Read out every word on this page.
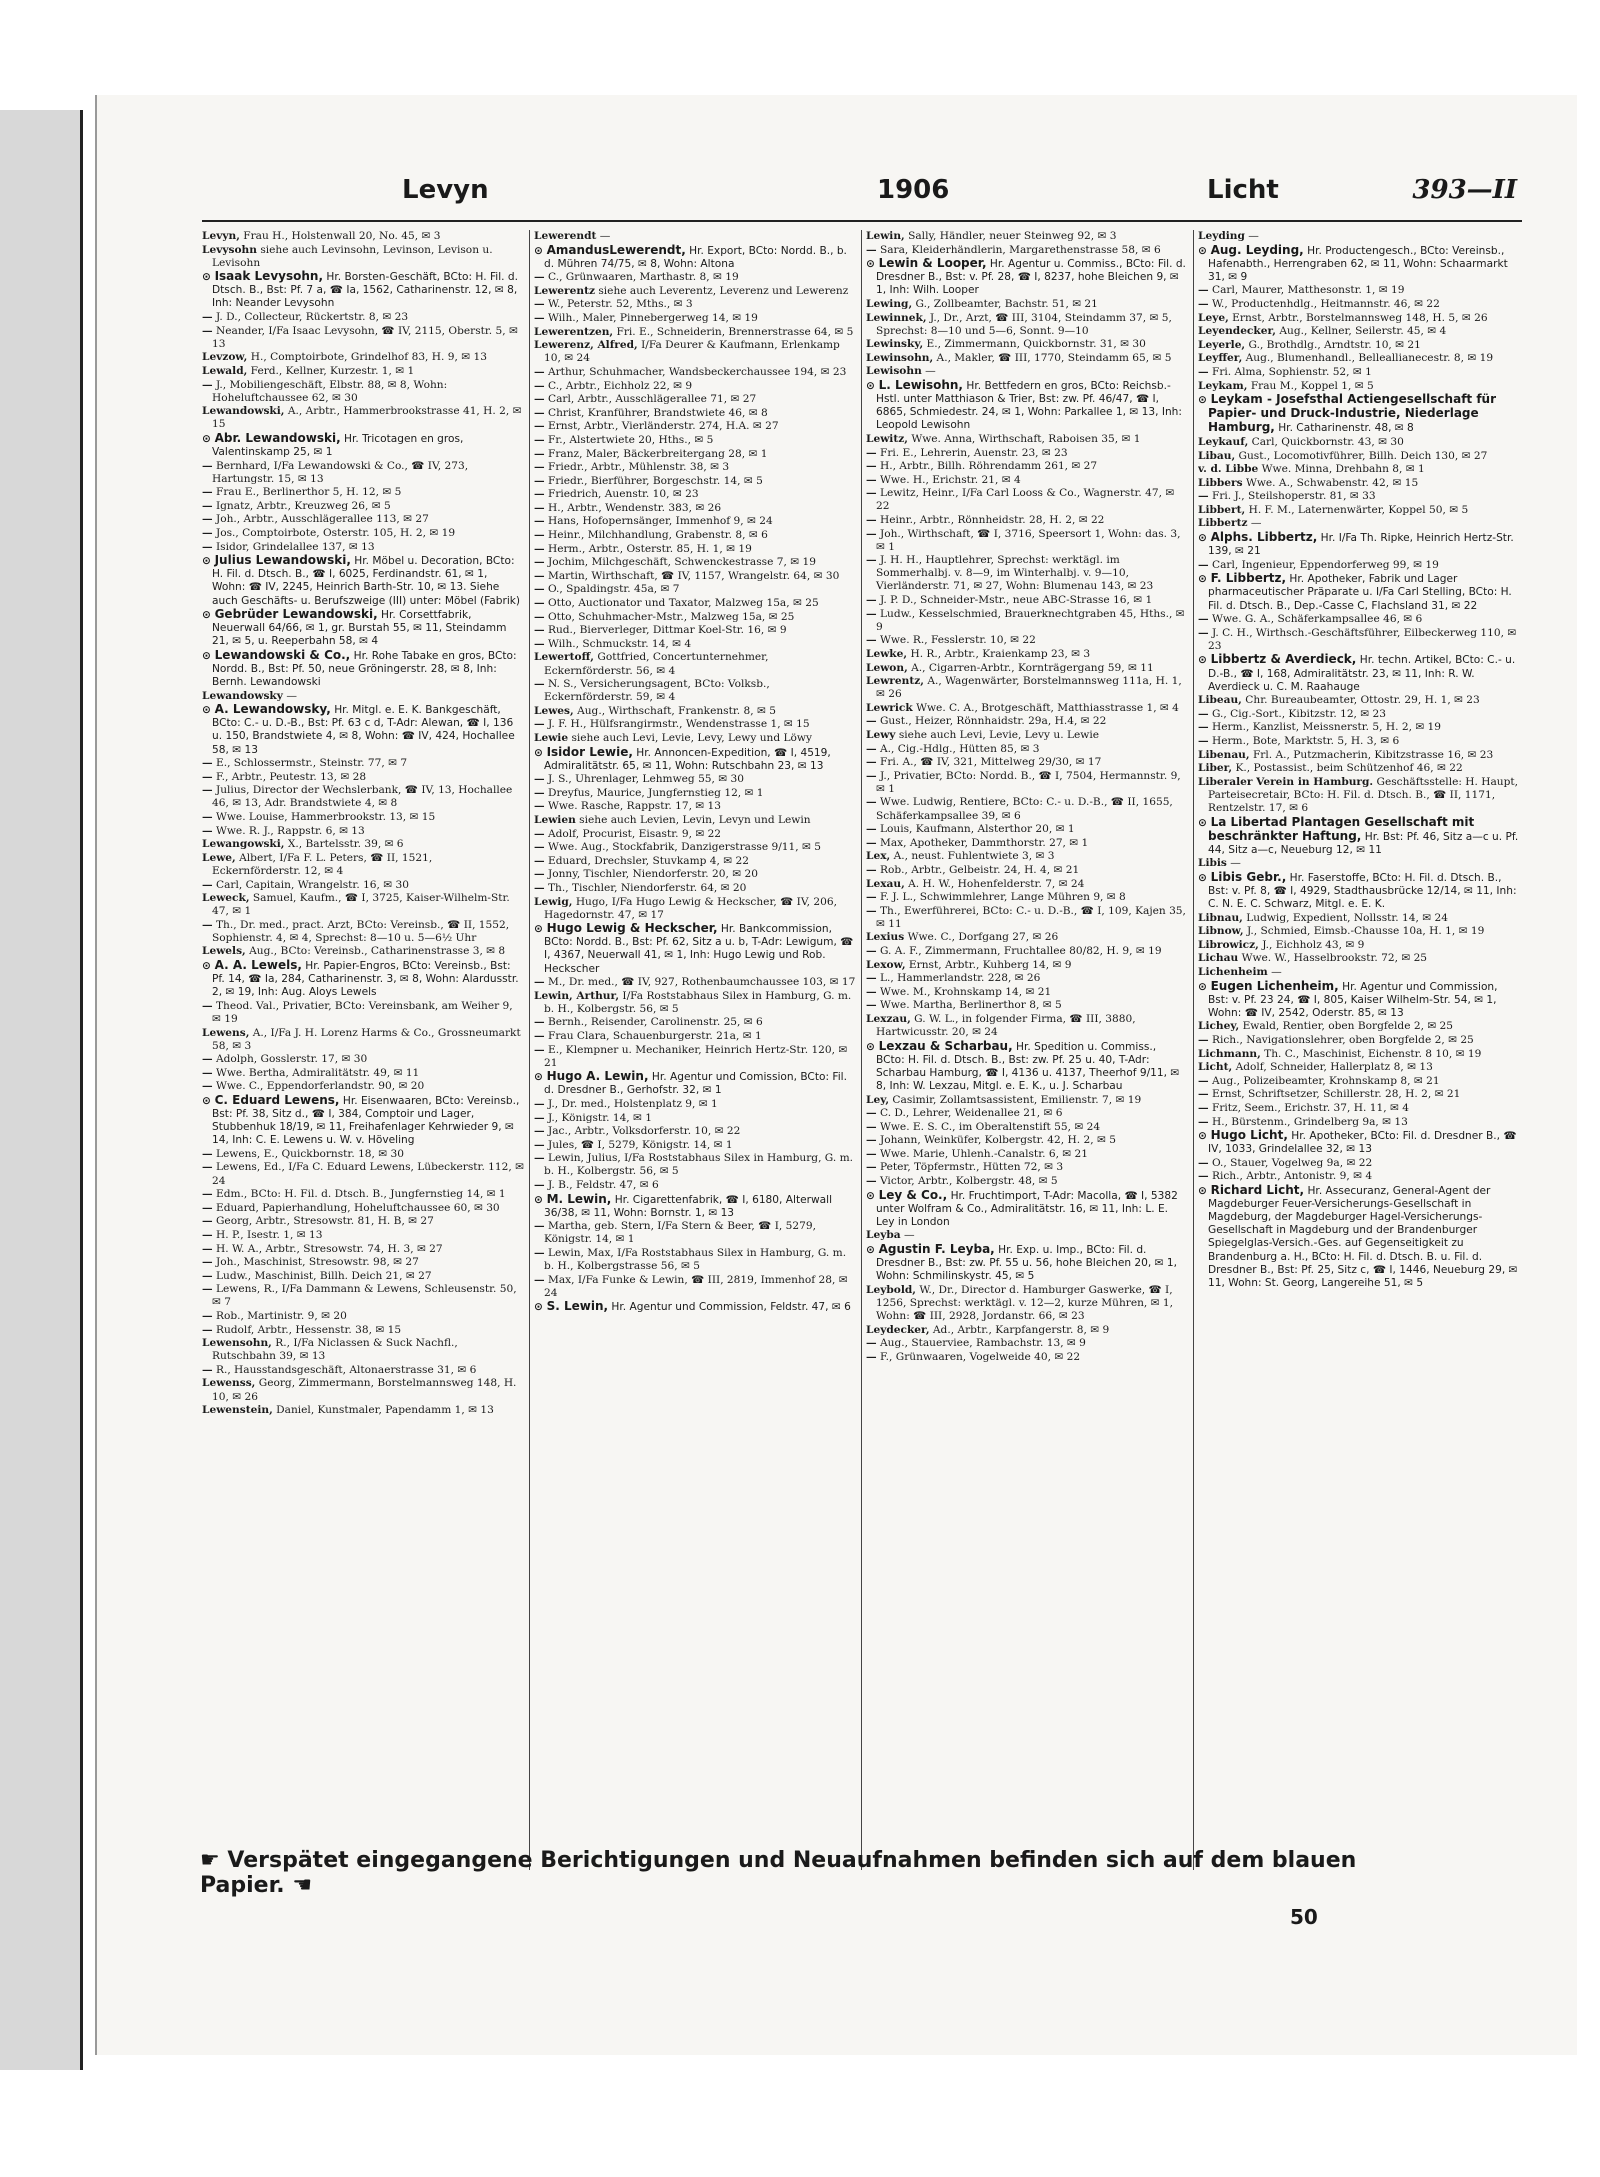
Levyn	1906	Licht	393—II
Levyn, Frau H., Holstenwall 20, No. 45, ✉ 3
Levysohn siehe auch Levinsohn, Levinson, Levison u. Levisohn
⊙ Isaak Levysohn, Hr. Borsten-Geschäft, BCto: H. Fil. d. Dtsch. B., Bst: Pf. 7 a, ☎ Ia, 1562, Catharinenstr. 12, ✉ 8, Inh: Neander Levysohn
— J. D., Collecteur, Rückertstr. 8, ✉ 23
— Neander, I/Fa Isaac Levysohn, ☎ IV, 2115, Oberstr. 5, ✉ 13
Levzow, H., Comptoirbote, Grindelhof 83, H. 9, ✉ 13
Lewald, Ferd., Kellner, Kurzestr. 1, ✉ 1
— J., Mobiliengeschäft, Elbstr. 88, ✉ 8, Wohn: Hoheluftchaussee 62, ✉ 30
Lewandowski, A., Arbtr., Hammerbrookstrasse 41, H. 2, ✉ 15
⊙ Abr. Lewandowski, Hr. Tricotagen en gros, Valentinskamp 25, ✉ 1
— Bernhard, I/Fa Lewandowski & Co., ☎ IV, 273, Hartungstr. 15, ✉ 13
— Frau E., Berlinerthor 5, H. 12, ✉ 5
— Ignatz, Arbtr., Kreuzweg 26, ✉ 5
— Joh., Arbtr., Ausschlägerallee 113, ✉ 27
— Jos., Comptoirbote, Osterstr. 105, H. 2, ✉ 19
— Isidor, Grindelallee 137, ✉ 13
⊙ Julius Lewandowski, Hr. Möbel u. Decoration, BCto: H. Fil. d. Dtsch. B., ☎ I, 6025, Ferdinandstr. 61, ✉ 1, Wohn: ☎ IV, 2245, Heinrich Barth-Str. 10, ✉ 13. Siehe auch Geschäfts- u. Berufszweige (III) unter: Möbel (Fabrik)
⊙ Gebrüder Lewandowski, Hr. Corsettfabrik, Neuerwall 64/66, ✉ 1, gr. Burstah 55, ✉ 11, Steindamm 21, ✉ 5, u. Reeperbahn 58, ✉ 4
⊙ Lewandowski & Co., Hr. Rohe Tabake en gros, BCto: Nordd. B., Bst: Pf. 50, neue Gröningerstr. 28, ✉ 8, Inh: Bernh. Lewandowski
Lewandowsky —
⊙ A. Lewandowsky, Hr. Mitgl. e. E. K. Bankgeschäft, BCto: C.- u. D.-B., Bst: Pf. 63 c d, T-Adr: Alewan, ☎ I, 136 u. 150, Brandstwiete 4, ✉ 8, Wohn: ☎ IV, 424, Hochallee 58, ✉ 13
— E., Schlossermstr., Steinstr. 77, ✉ 7
— F., Arbtr., Peutestr. 13, ✉ 28
— Julius, Director der Wechslerbank, ☎ IV, 13, Hochallee 46, ✉ 13, Adr. Brandstwiete 4, ✉ 8
— Wwe. Louise, Hammerbrookstr. 13, ✉ 15
— Wwe. R. J., Rappstr. 6, ✉ 13
Lewangowski, X., Bartelsstr. 39, ✉ 6
Lewe, Albert, I/Fa F. L. Peters, ☎ II, 1521, Eckernförderstr. 12, ✉ 4
— Carl, Capitain, Wrangelstr. 16, ✉ 30
Leweck, Samuel, Kaufm., ☎ I, 3725, Kaiser-Wilhelm-Str. 47, ✉ 1
— Th., Dr. med., pract. Arzt, BCto: Vereinsb., ☎ II, 1552, Sophienstr. 4, ✉ 4, Sprechst: 8—10 u. 5—6½ Uhr
Lewels, Aug., BCto: Vereinsb., Catharinenstrasse 3, ✉ 8
⊙ A. A. Lewels, Hr. Papier-Engros, BCto: Vereinsb., Bst: Pf. 14, ☎ Ia, 284, Catharinenstr. 3, ✉ 8, Wohn: Alardusstr. 2, ✉ 19, Inh: Aug. Aloys Lewels
— Theod. Val., Privatier, BCto: Vereinsbank, am Weiher 9, ✉ 19
Lewens, A., I/Fa J. H. Lorenz Harms & Co., Grossneumarkt 58, ✉ 3
— Adolph, Gosslerstr. 17, ✉ 30
— Wwe. Bertha, Admiralitätstr. 49, ✉ 11
— Wwe. C., Eppendorferlandstr. 90, ✉ 20
⊙ C. Eduard Lewens, Hr. Eisenwaaren, BCto: Vereinsb., Bst: Pf. 38, Sitz d., ☎ I, 384, Comptoir und Lager, Stubbenhuk 18/19, ✉ 11, Freihafenlager Kehrwieder 9, ✉ 14, Inh: C. E. Lewens u. W. v. Höveling
— Lewens, E., Quickbornstr. 18, ✉ 30
— Lewens, Ed., I/Fa C. Eduard Lewens, Lübeckerstr. 112, ✉ 24
— Edm., BCto: H. Fil. d. Dtsch. B., Jungfernstieg 14, ✉ 1
— Eduard, Papierhandlung, Hoheluftchaussee 60, ✉ 30
— Georg, Arbtr., Stresowstr. 81, H. B, ✉ 27
— H. P., Isestr. 1, ✉ 13
— H. W. A., Arbtr., Stresowstr. 74, H. 3, ✉ 27
— Joh., Maschinist, Stresowstr. 98, ✉ 27
— Ludw., Maschinist, Billh. Deich 21, ✉ 27
— Lewens, R., I/Fa Dammann & Lewens, Schleusenstr. 50, ✉ 7
— Rob., Martinistr. 9, ✉ 20
— Rudolf, Arbtr., Hessenstr. 38, ✉ 15
Lewensohn, R., I/Fa Niclassen & Suck Nachfl., Rutschbahn 39, ✉ 13
— R., Hausstandsgeschäft, Altonaerstrasse 31, ✉ 6
Lewenss, Georg, Zimmermann, Borstelmannsweg 148, H. 10, ✉ 26
Lewenstein, Daniel, Kunstmaler, Papendamm 1, ✉ 13
Lewerendt —
⊙ AmandusLewerendt, Hr. Export, BCto: Nordd. B., b. d. Mühren 74/75, ✉ 8, Wohn: Altona
— C., Grünwaaren, Marthastr. 8, ✉ 19
Lewerentz siehe auch Leverentz, Leverenz und Lewerenz
— W., Peterstr. 52, Mths., ✉ 3
— Wilh., Maler, Pinnebergerweg 14, ✉ 19
Lewerentzen, Fri. E., Schneiderin, Brennerstrasse 64, ✉ 5
Lewerenz, Alfred, I/Fa Deurer & Kaufmann, Erlenkamp 10, ✉ 24
— Arthur, Schuhmacher, Wandsbeckerchaussee 194, ✉ 23
— C., Arbtr., Eichholz 22, ✉ 9
— Carl, Arbtr., Ausschlägerallee 71, ✉ 27
— Christ, Kranführer, Brandstwiete 46, ✉ 8
— Ernst, Arbtr., Vierländerstr. 274, H.A. ✉ 27
— Fr., Alstertwiete 20, Hths., ✉ 5
— Franz, Maler, Bäckerbreitergang 28, ✉ 1
— Friedr., Arbtr., Mühlenstr. 38, ✉ 3
— Friedr., Bierführer, Borgeschstr. 14, ✉ 5
— Friedrich, Auenstr. 10, ✉ 23
— H., Arbtr., Wendenstr. 383, ✉ 26
— Hans, Hofopernsänger, Immenhof 9, ✉ 24
— Heinr., Milchhandlung, Grabenstr. 8, ✉ 6
— Herm., Arbtr., Osterstr. 85, H. 1, ✉ 19
— Jochim, Milchgeschäft, Schwenckestrasse 7, ✉ 19
— Martin, Wirthschaft, ☎ IV, 1157, Wrangelstr. 64, ✉ 30
— O., Spaldingstr. 45a, ✉ 7
— Otto, Auctionator und Taxator, Malzweg 15a, ✉ 25
— Otto, Schuhmacher-Mstr., Malzweg 15a, ✉ 25
— Rud., Bierverleger, Dittmar Koel-Str. 16, ✉ 9
— Wilh., Schmuckstr. 14, ✉ 4
Lewertoff, Gottfried, Concertunternehmer, Eckernförderstr. 56, ✉ 4
— N. S., Versicherungsagent, BCto: Volksb., Eckernförderstr. 59, ✉ 4
Lewes, Aug., Wirthschaft, Frankenstr. 8, ✉ 5
— J. F. H., Hülfsrangirmstr., Wendenstrasse 1, ✉ 15
Lewie siehe auch Levi, Levie, Levy, Lewy und Löwy
⊙ Isidor Lewie, Hr. Annoncen-Expedition, ☎ I, 4519, Admiralitätstr. 65, ✉ 11, Wohn: Rutschbahn 23, ✉ 13
— J. S., Uhrenlager, Lehmweg 55, ✉ 30
— Dreyfus, Maurice, Jungfernstieg 12, ✉ 1
— Wwe. Rasche, Rappstr. 17, ✉ 13
Lewien siehe auch Levien, Levin, Levyn und Lewin
— Adolf, Procurist, Eisastr. 9, ✉ 22
— Wwe. Aug., Stockfabrik, Danzigerstrasse 9/11, ✉ 5
— Eduard, Drechsler, Stuvkamp 4, ✉ 22
— Jonny, Tischler, Niendorferstr. 20, ✉ 20
— Th., Tischler, Niendorferstr. 64, ✉ 20
Lewig, Hugo, I/Fa Hugo Lewig & Heckscher, ☎ IV, 206, Hagedornstr. 47, ✉ 17
⊙ Hugo Lewig & Heckscher, Hr. Bankcommission, BCto: Nordd. B., Bst: Pf. 62, Sitz a u. b, T-Adr: Lewigum, ☎ I, 4367, Neuerwall 41, ✉ 1, Inh: Hugo Lewig und Rob. Heckscher
— M., Dr. med., ☎ IV, 927, Rothenbaumchaussee 103, ✉ 17
Lewin, Arthur, I/Fa Roststabhaus Silex in Hamburg, G. m. b. H., Kolbergstr. 56, ✉ 5
— Bernh., Reisender, Carolinenstr. 25, ✉ 6
— Frau Clara, Schauenburgerstr. 21a, ✉ 1
— E., Klempner u. Mechaniker, Heinrich Hertz-Str. 120, ✉ 21
⊙ Hugo A. Lewin, Hr. Agentur und Comission, BCto: Fil. d. Dresdner B., Gerhofstr. 32, ✉ 1
— J., Dr. med., Holstenplatz 9, ✉ 1
— J., Königstr. 14, ✉ 1
— Jac., Arbtr., Volksdorferstr. 10, ✉ 22
— Jules, ☎ I, 5279, Königstr. 14, ✉ 1
— Lewin, Julius, I/Fa Roststabhaus Silex in Hamburg, G. m. b. H., Kolbergstr. 56, ✉ 5
— J. B., Feldstr. 47, ✉ 6
⊙ M. Lewin, Hr. Cigarettenfabrik, ☎ I, 6180, Alterwall 36/38, ✉ 11, Wohn: Bornstr. 1, ✉ 13
— Martha, geb. Stern, I/Fa Stern & Beer, ☎ I, 5279, Königstr. 14, ✉ 1
— Lewin, Max, I/Fa Roststabhaus Silex in Hamburg, G. m. b. H., Kolbergstrasse 56, ✉ 5
— Max, I/Fa Funke & Lewin, ☎ III, 2819, Immenhof 28, ✉ 24
⊙ S. Lewin, Hr. Agentur und Commission, Feldstr. 47, ✉ 6
Lewin, Sally, Händler, neuer Steinweg 92, ✉ 3
— Sara, Kleiderhändlerin, Margarethenstrasse 58, ✉ 6
⊙ Lewin & Looper, Hr. Agentur u. Commiss., BCto: Fil. d. Dresdner B., Bst: v. Pf. 28, ☎ I, 8237, hohe Bleichen 9, ✉ 1, Inh: Wilh. Looper
Lewing, G., Zollbeamter, Bachstr. 51, ✉ 21
Lewinnek, J., Dr., Arzt, ☎ III, 3104, Steindamm 37, ✉ 5, Sprechst: 8—10 und 5—6, Sonnt. 9—10
Lewinsky, E., Zimmermann, Quickbornstr. 31, ✉ 30
Lewinsohn, A., Makler, ☎ III, 1770, Steindamm 65, ✉ 5
Lewisohn —
⊙ L. Lewisohn, Hr. Bettfedern en gros, BCto: Reichsb.-Hstl. unter Matthiason & Trier, Bst: zw. Pf. 46/47, ☎ I, 6865, Schmiedestr. 24, ✉ 1, Wohn: Parkallee 1, ✉ 13, Inh: Leopold Lewisohn
Lewitz, Wwe. Anna, Wirthschaft, Raboisen 35, ✉ 1
— Fri. E., Lehrerin, Auenstr. 23, ✉ 23
— H., Arbtr., Billh. Röhrendamm 261, ✉ 27
— Wwe. H., Erichstr. 21, ✉ 4
— Lewitz, Heinr., I/Fa Carl Looss & Co., Wagnerstr. 47, ✉ 22
— Heinr., Arbtr., Rönnheidstr. 28, H. 2, ✉ 22
— Joh., Wirthschaft, ☎ I, 3716, Speersort 1, Wohn: das. 3, ✉ 1
— J. H. H., Hauptlehrer, Sprechst: werktägl. im Sommerhalbj. v. 8—9, im Winterhalbj. v. 9—10, Vierländerstr. 71, ✉ 27, Wohn: Blumenau 143, ✉ 23
— J. P. D., Schneider-Mstr., neue ABC-Strasse 16, ✉ 1
— Ludw., Kesselschmied, Brauerknechtgraben 45, Hths., ✉ 9
— Wwe. R., Fesslerstr. 10, ✉ 22
Lewke, H. R., Arbtr., Kraienkamp 23, ✉ 3
Lewon, A., Cigarren-Arbtr., Kornträgergang 59, ✉ 11
Lewrentz, A., Wagenwärter, Borstelmannsweg 111a, H. 1, ✉ 26
Lewrick Wwe. C. A., Brotgeschäft, Matthiasstrasse 1, ✉ 4
— Gust., Heizer, Rönnhaidstr. 29a, H.4, ✉ 22
Lewy siehe auch Levi, Levie, Levy u. Lewie
— A., Cig.-Hdlg., Hütten 85, ✉ 3
— Fri. A., ☎ IV, 321, Mittelweg 29/30, ✉ 17
— J., Privatier, BCto: Nordd. B., ☎ I, 7504, Hermannstr. 9, ✉ 1
— Wwe. Ludwig, Rentiere, BCto: C.- u. D.-B., ☎ II, 1655, Schäferkampsallee 39, ✉ 6
— Louis, Kaufmann, Alsterthor 20, ✉ 1
— Max, Apotheker, Dammthorstr. 27, ✉ 1
Lex, A., neust. Fuhlentwiete 3, ✉ 3
— Rob., Arbtr., Gelbeistr. 24, H. 4, ✉ 21
Lexau, A. H. W., Hohenfelderstr. 7, ✉ 24
— F. J. L., Schwimmlehrer, Lange Mühren 9, ✉ 8
— Th., Ewerführerei, BCto: C.- u. D.-B., ☎ I, 109, Kajen 35, ✉ 11
Lexius Wwe. C., Dorfgang 27, ✉ 26
— G. A. F., Zimmermann, Fruchtallee 80/82, H. 9, ✉ 19
Lexow, Ernst, Arbtr., Kuhberg 14, ✉ 9
— L., Hammerlandstr. 228, ✉ 26
— Wwe. M., Krohnskamp 14, ✉ 21
— Wwe. Martha, Berlinerthor 8, ✉ 5
Lexzau, G. W. L., in folgender Firma, ☎ III, 3880, Hartwicusstr. 20, ✉ 24
⊙ Lexzau & Scharbau, Hr. Spedition u. Commiss., BCto: H. Fil. d. Dtsch. B., Bst: zw. Pf. 25 u. 40, T-Adr: Scharbau Hamburg, ☎ I, 4136 u. 4137, Theerhof 9/11, ✉ 8, Inh: W. Lexzau, Mitgl. e. E. K., u. J. Scharbau
Ley, Casimir, Zollamtsassistent, Emilienstr. 7, ✉ 19
— C. D., Lehrer, Weidenallee 21, ✉ 6
— Wwe. E. S. C., im Oberaltenstift 55, ✉ 24
— Johann, Weinküfer, Kolbergstr. 42, H. 2, ✉ 5
— Wwe. Marie, Uhlenh.-Canalstr. 6, ✉ 21
— Peter, Töpfermstr., Hütten 72, ✉ 3
— Victor, Arbtr., Kolbergstr. 48, ✉ 5
⊙ Ley & Co., Hr. Fruchtimport, T-Adr: Macolla, ☎ I, 5382 unter Wolfram & Co., Admiralitätstr. 16, ✉ 11, Inh: L. E. Ley in London
Leyba —
⊙ Agustin F. Leyba, Hr. Exp. u. Imp., BCto: Fil. d. Dresdner B., Bst: zw. Pf. 55 u. 56, hohe Bleichen 20, ✉ 1, Wohn: Schmilinskystr. 45, ✉ 5
Leybold, W., Dr., Director d. Hamburger Gaswerke, ☎ I, 1256, Sprechst: werktägl. v. 12—2, kurze Mühren, ✉ 1, Wohn: ☎ III, 2928, Jordanstr. 66, ✉ 23
Leydecker, Ad., Arbtr., Karpfangerstr. 8, ✉ 9
— Aug., Stauerviee, Rambachstr. 13, ✉ 9
— F., Grünwaaren, Vogelweide 40, ✉ 22
Leyding —
⊙ Aug. Leyding, Hr. Productengesch., BCto: Vereinsb., Hafenabth., Herrengraben 62, ✉ 11, Wohn: Schaarmarkt 31, ✉ 9
— Carl, Maurer, Matthesonstr. 1, ✉ 19
— W., Productenhdlg., Heitmannstr. 46, ✉ 22
Leye, Ernst, Arbtr., Borstelmannsweg 148, H. 5, ✉ 26
Leyendecker, Aug., Kellner, Seilerstr. 45, ✉ 4
Leyerle, G., Brothdlg., Arndtstr. 10, ✉ 21
Leyffer, Aug., Blumenhandl., Belleallianecestr. 8, ✉ 19
— Fri. Alma, Sophienstr. 52, ✉ 1
Leykam, Frau M., Koppel 1, ✉ 5
⊙ Leykam - Josefsthal Actiengesellschaft für Papier- und Druck-Industrie, Niederlage Hamburg, Hr. Catharinenstr. 48, ✉ 8
Leykauf, Carl, Quickbornstr. 43, ✉ 30
Libau, Gust., Locomotivführer, Billh. Deich 130, ✉ 27
v. d. Libbe Wwe. Minna, Drehbahn 8, ✉ 1
Libbers Wwe. A., Schwabenstr. 42, ✉ 15
— Fri. J., Steilshoperstr. 81, ✉ 33
Libbert, H. F. M., Laternenwärter, Koppel 50, ✉ 5
Libbertz —
⊙ Alphs. Libbertz, Hr. I/Fa Th. Ripke, Heinrich Hertz-Str. 139, ✉ 21
— Carl, Ingenieur, Eppendorferweg 99, ✉ 19
⊙ F. Libbertz, Hr. Apotheker, Fabrik und Lager pharmaceutischer Präparate u. I/Fa Carl Stelling, BCto: H. Fil. d. Dtsch. B., Dep.-Casse C, Flachsland 31, ✉ 22
— Wwe. G. A., Schäferkampsallee 46, ✉ 6
— J. C. H., Wirthsch.-Geschäftsführer, Eilbeckerweg 110, ✉ 23
⊙ Libbertz & Averdieck, Hr. techn. Artikel, BCto: C.- u. D.-B., ☎ I, 168, Admiralitätstr. 23, ✉ 11, Inh: R. W. Averdieck u. C. M. Raahauge
Libeau, Chr. Bureaubeamter, Ottostr. 29, H. 1, ✉ 23
— G., Cig.-Sort., Kibitzstr. 12, ✉ 23
— Herm., Kanzlist, Meissnerstr. 5, H. 2, ✉ 19
— Herm., Bote, Marktstr. 5, H. 3, ✉ 6
Libenau, Frl. A., Putzmacherin, Kibitzstrasse 16, ✉ 23
Liber, K., Postassist., beim Schützenhof 46, ✉ 22
Liberaler Verein in Hamburg. Geschäftsstelle: H. Haupt, Parteisecretair, BCto: H. Fil. d. Dtsch. B., ☎ II, 1171, Rentzelstr. 17, ✉ 6
⊙ La Libertad Plantagen Gesellschaft mit beschränkter Haftung, Hr. Bst: Pf. 46, Sitz a—c u. Pf. 44, Sitz a—c, Neueburg 12, ✉ 11
Libis —
⊙ Libis Gebr., Hr. Faserstoffe, BCto: H. Fil. d. Dtsch. B., Bst: v. Pf. 8, ☎ I, 4929, Stadthausbrücke 12/14, ✉ 11, Inh: C. N. E. C. Schwarz, Mitgl. e. E. K.
Libnau, Ludwig, Expedient, Nollsstr. 14, ✉ 24
Libnow, J., Schmied, Eimsb.-Chausse 10a, H. 1, ✉ 19
Librowicz, J., Eichholz 43, ✉ 9
Lichau Wwe. W., Hasselbrookstr. 72, ✉ 25
Lichenheim —
⊙ Eugen Lichenheim, Hr. Agentur und Commission, Bst: v. Pf. 23 24, ☎ I, 805, Kaiser Wilhelm-Str. 54, ✉ 1, Wohn: ☎ IV, 2542, Oderstr. 85, ✉ 13
Lichey, Ewald, Rentier, oben Borgfelde 2, ✉ 25
— Rich., Navigationslehrer, oben Borgfelde 2, ✉ 25
Lichmann, Th. C., Maschinist, Eichenstr. 8 10, ✉ 19
Licht, Adolf, Schneider, Hallerplatz 8, ✉ 13
— Aug., Polizeibeamter, Krohnskamp 8, ✉ 21
— Ernst, Schriftsetzer, Schillerstr. 28, H. 2, ✉ 21
— Fritz, Seem., Erichstr. 37, H. 11, ✉ 4
— H., Bürstenm., Grindelberg 9a, ✉ 13
⊙ Hugo Licht, Hr. Apotheker, BCto: Fil. d. Dresdner B., ☎ IV, 1033, Grindelallee 32, ✉ 13
— O., Stauer, Vogelweg 9a, ✉ 22
— Rich., Arbtr., Antonistr. 9, ✉ 4
⊙ Richard Licht, Hr. Assecuranz, General-Agent der Magdeburger Feuer-Versicherungs-Gesellschaft in Magdeburg, der Magdeburger Hagel-Versicherungs-Gesellschaft in Magdeburg und der Brandenburger Spiegelglas-Versich.-Ges. auf Gegenseitigkeit zu Brandenburg a. H., BCto: H. Fil. d. Dtsch. B. u. Fil. d. Dresdner B., Bst: Pf. 25, Sitz c, ☎ I, 1446, Neueburg 29, ✉ 11, Wohn: St. Georg, Langereihe 51, ✉ 5
☛ Verspätet eingegangene Berichtigungen und Neuaufnahmen befinden sich auf dem blauen Papier. ☚
50
